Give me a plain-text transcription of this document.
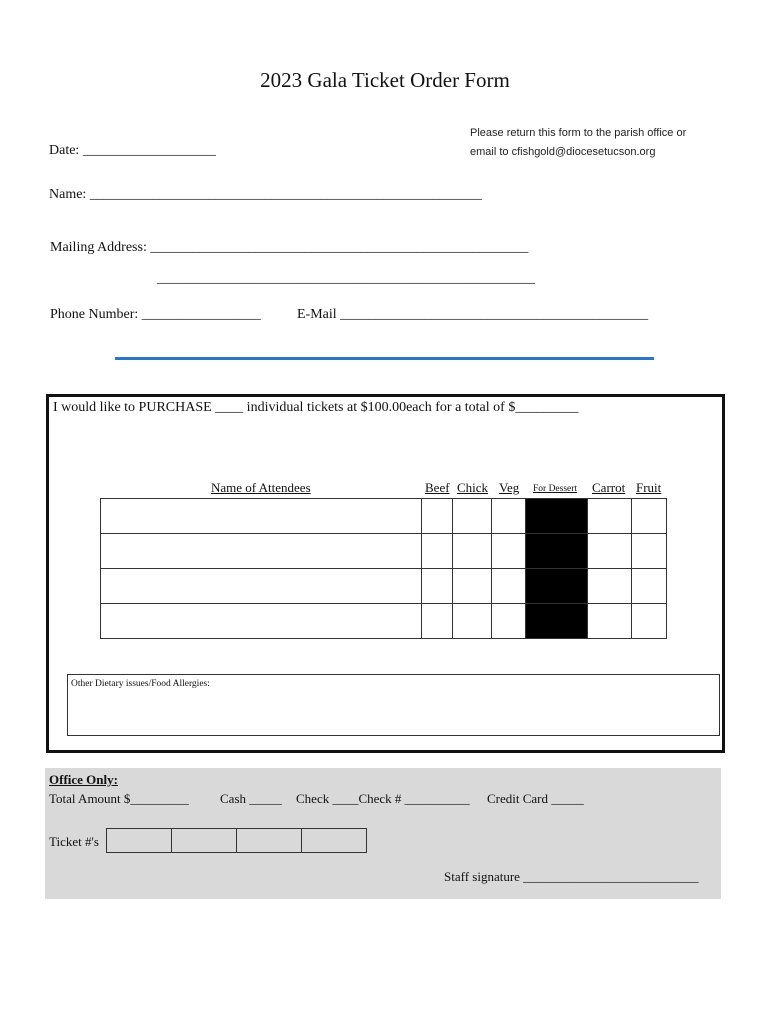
2023 Gala Ticket Order Form
Please return this form to the parish office or
email to cfishgold@diocesetucson.org
Date: ___________________
Name: ________________________________________________________
Mailing Address: ______________________________________________________
______________________________________________________
Phone Number: _________________	E-Mail ____________________________________________
I would like to PURCHASE ____ individual tickets at $100.00each for a total of $_________
Name of Attendees	Beef Chick Veg For Dessert Carrot Fruit

Other Dietary issues/Food Allergies:
Office Only:
Total Amount $_________ Cash _____ Check ____Check # __________ Credit Card _____
Ticket #'s

Staff signature ___________________________
